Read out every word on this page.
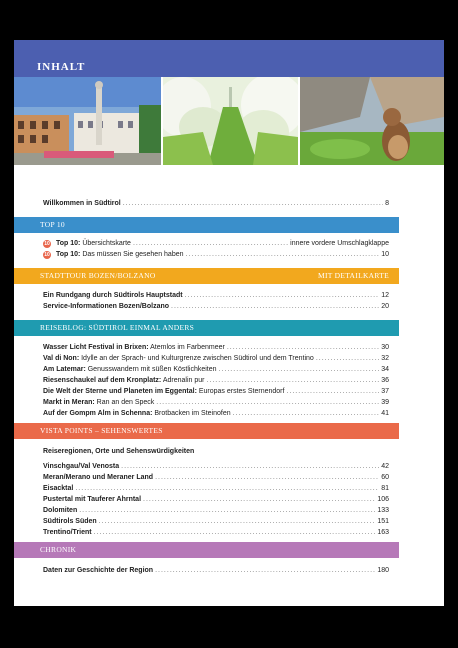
INHALT
Willkommen in Südtirol .....	8
TOP 10
10 Top 10: Übersichtskarte .....	innere vordere Umschlagklappe
10 Top 10: Das müssen Sie gesehen haben .....	10
STADTTOUR BOZEN/BOLZANO	MIT DETAILKARTE
Ein Rundgang durch Südtirols Hauptstadt .....	12
Service-Informationen Bozen/Bolzano .....	20
REISEBLOG: SÜDTIROL EINMAL ANDERS
Wasser Licht Festival in Brixen: Atemlos im Farbenmeer .....	30
Val di Non: Idylle an der Sprach- und Kulturgrenze zwischen Südtirol und dem Trentino .....	32
Am Latemar: Genusswandern mit süßen Köstlichkeiten .....	34
Riesenschaukel auf dem Kronplatz: Adrenalin pur .....	36
Die Welt der Sterne und Planeten im Eggental: Europas erstes Sternendorf .....	37
Markt in Meran: Ran an den Speck .....	39
Auf der Gompm Alm in Schenna: Brotbacken im Steinofen .....	41
VISTA POINTS – SEHENSWERTES
Reiseregionen, Orte und Sehenswürdigkeiten
Vinschgau/Val Venosta .....	42
Meran/Merano und Meraner Land .....	60
Eisacktal .....	81
Pustertal mit Tauferer Ahrntal .....	106
Dolomiten .....	133
Südtirols Süden .....	151
Trentino/Trient .....	163
CHRONIK
Daten zur Geschichte der Region .....	180
